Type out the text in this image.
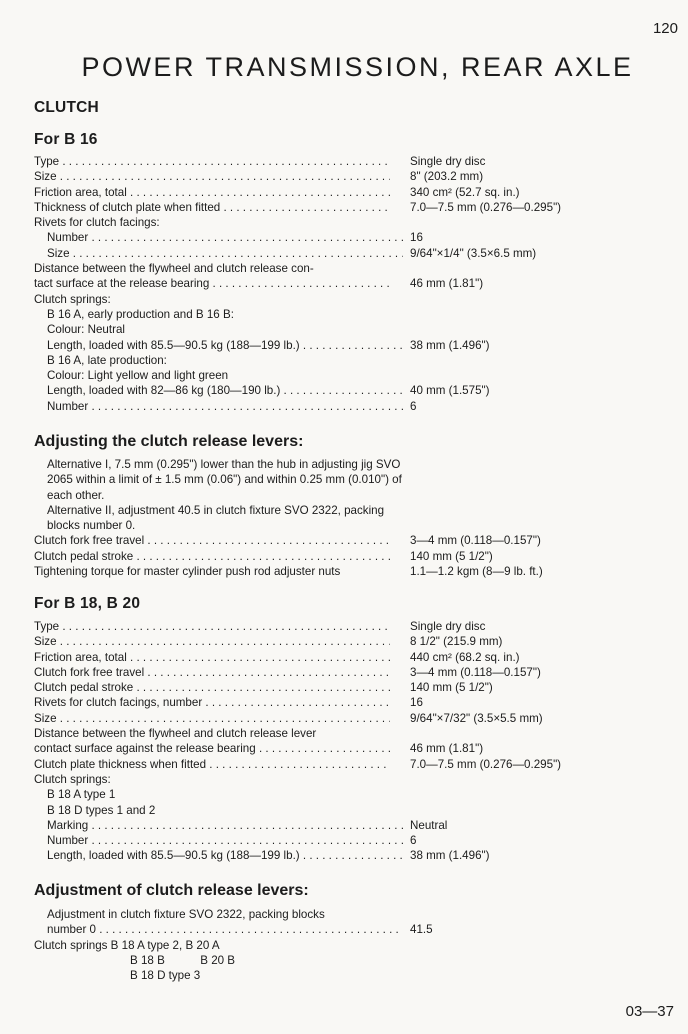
120
POWER TRANSMISSION, REAR AXLE
CLUTCH
For B 16
Type . . .	Single dry disc
Size . . .	8" (203.2 mm)
Friction area, total . . .	340 cm² (52.7 sq. in.)
Thickness of clutch plate when fitted . . .	7.0—7.5 mm (0.276—0.295")
Rivets for clutch facings:
Number . . .	16
Size . . .	9/64"×1/4" (3.5×6.5 mm)
Distance between the flywheel and clutch release con-
tact surface at the release bearing . . .	46 mm (1.81")
Clutch springs:
B 16 A, early production and B 16 B:
Colour: Neutral
Length, loaded with 85.5—90.5 kg (188—199 lb.) . . .	38 mm (1.496")
B 16 A, late production:
Colour: Light yellow and light green
Length, loaded with 82—86 kg (180—190 lb.) . . .	40 mm (1.575")
Number . . .	6
Adjusting the clutch release levers:
Alternative I, 7.5 mm (0.295") lower than the hub in adjusting jig SVO 2065 within a limit of ± 1.5 mm (0.06") and within 0.25 mm (0.010") of each other.
Alternative II, adjustment 40.5 in clutch fixture SVO 2322, packing blocks number 0.
Clutch fork free travel . . .	3—4 mm (0.118—0.157")
Clutch pedal stroke . . .	140 mm (5 1/2")
Tightening torque for master cylinder push rod adjuster nuts	1.1—1.2 kgm (8—9 lb. ft.)
For B 18, B 20
Type . . .	Single dry disc
Size . . .	8 1/2" (215.9 mm)
Friction area, total . . .	440 cm² (68.2 sq. in.)
Clutch fork free travel . . .	3—4 mm (0.118—0.157")
Clutch pedal stroke . . .	140 mm (5 1/2")
Rivets for clutch facings, number . . .	16
Size . . .	9/64"×7/32" (3.5×5.5 mm)
Distance between the flywheel and clutch release lever
contact surface against the release bearing . . .	46 mm (1.81")
Clutch plate thickness when fitted . . .	7.0—7.5 mm (0.276—0.295")
Clutch springs:
B 18 A type 1
B 18 D types 1 and 2
Marking . . .	Neutral
Number . . .	6
Length, loaded with 85.5—90.5 kg (188—199 lb.) . . .	38 mm (1.496")
Adjustment of clutch release levers:
Adjustment in clutch fixture SVO 2322, packing blocks
number 0 . . .	41.5
Clutch springs B 18 A type 2, B 20 A
B 18 B           B 20 B
B 18 D type 3
03—37
